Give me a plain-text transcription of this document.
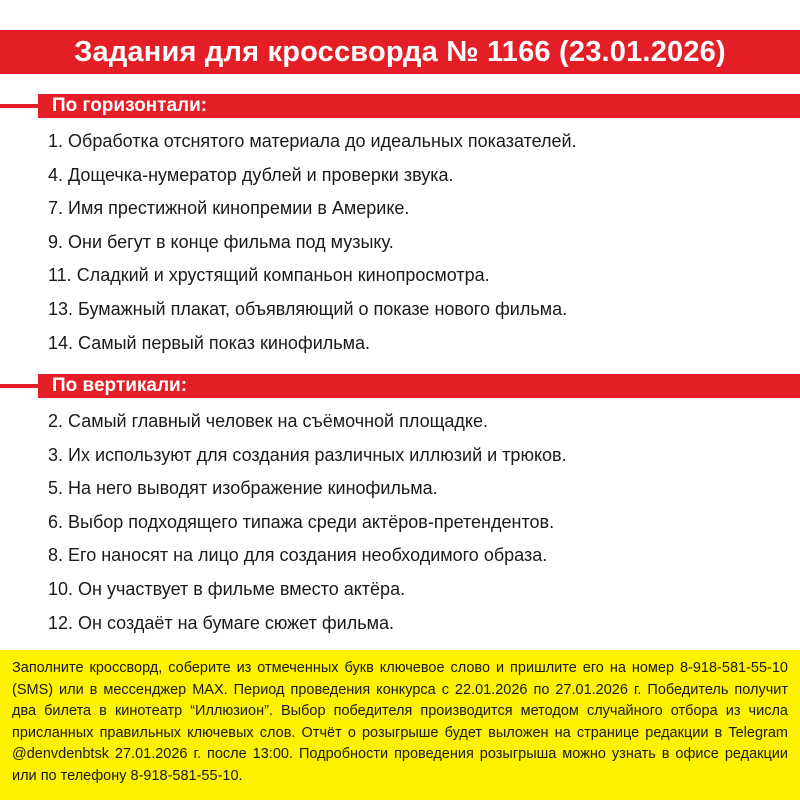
Задания для кроссворда № 1166 (23.01.2026)
По горизонтали:
1. Обработка отснятого материала до идеальных показателей.
4. Дощечка-нумератор дублей и проверки звука.
7. Имя престижной кинопремии в Америке.
9. Они бегут в конце фильма под музыку.
11. Сладкий и хрустящий компаньон кинопросмотра.
13. Бумажный плакат, объявляющий о показе нового фильма.
14. Самый первый показ кинофильма.
По вертикали:
2. Самый главный человек на съёмочной площадке.
3. Их используют для создания различных иллюзий и трюков.
5. На него выводят изображение кинофильма.
6. Выбор подходящего типажа среди актёров-претендентов.
8. Его наносят на лицо для создания необходимого образа.
10. Он участвует в фильме вместо актёра.
12. Он создаёт на бумаге сюжет фильма.

Заполните кроссворд, соберите из отмеченных букв ключевое слово и пришлите его на номер 8-918-581-55-10 (SMS) или в мессенджер MAX. Период проведения конкурса с 22.01.2026 по 27.01.2026 г. Победитель получит два билета в кинотеатр “Иллюзион”. Выбор победителя производится методом случайного отбора из числа присланных правильных ключевых слов. Отчёт о розыгрыше будет выложен на странице редакции в Telegram @denvdenbtsk 27.01.2026 г. после 13:00. Подробности проведения розыгрыша можно узнать в офисе редакции или по телефону 8-918-581-55-10.
